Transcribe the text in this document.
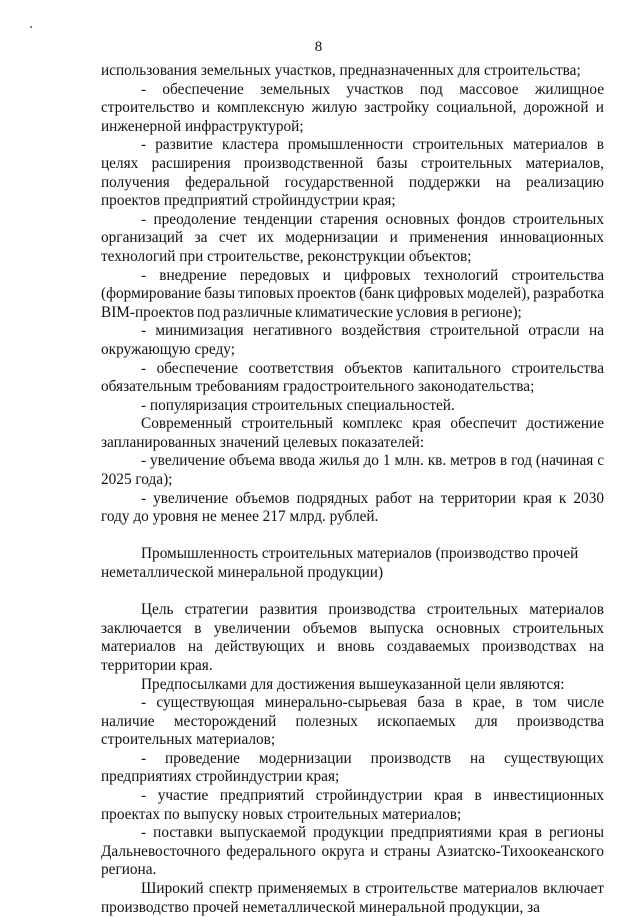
8

использования земельных участков, предназначенных для строительства;

- обеспечение земельных участков под массовое жилищное строительство и комплексную жилую застройку социальной, дорожной и инженерной инфраструктурой;

- развитие кластера промышленности строительных материалов в целях расширения производственной базы строительных материалов, получения федеральной государственной поддержки на реализацию проектов предприятий стройиндустрии края;

- преодоление тенденции старения основных фондов строительных организаций за счет их модернизации и применения инновационных технологий при строительстве, реконструкции объектов;

- внедрение передовых и цифровых технологий строительства (формирование базы типовых проектов (банк цифровых моделей), разработка BIM-проектов под различные климатические условия в регионе);

- минимизация негативного воздействия строительной отрасли на окружающую среду;

- обеспечение соответствия объектов капитального строительства обязательным требованиям градостроительного законодательства;

- популяризация строительных специальностей.

Современный строительный комплекс края обеспечит достижение запланированных значений целевых показателей:

- увеличение объема ввода жилья до 1 млн. кв. метров в год (начиная с 2025 года);

- увеличение объемов подрядных работ на территории края к 2030 году до уровня не менее 217 млрд. рублей.

Промышленность строительных материалов (производство прочей
неметаллической минеральной продукции)

Цель стратегии развития производства строительных материалов заключается в увеличении объемов выпуска основных строительных материалов на действующих и вновь создаваемых производствах на территории края.

Предпосылками для достижения вышеуказанной цели являются:

- существующая минерально-сырьевая база в крае, в том числе наличие месторождений полезных ископаемых для производства строительных материалов;

- проведение модернизации производств на существующих предприятиях стройиндустрии края;

- участие предприятий стройиндустрии края в инвестиционных проектах по выпуску новых строительных материалов;

- поставки выпускаемой продукции предприятиями края в регионы Дальневосточного федерального округа и страны Азиатско-Тихоокеанского региона.

Широкий спектр применяемых в строительстве материалов включает производство прочей неметаллической минеральной продукции, за
